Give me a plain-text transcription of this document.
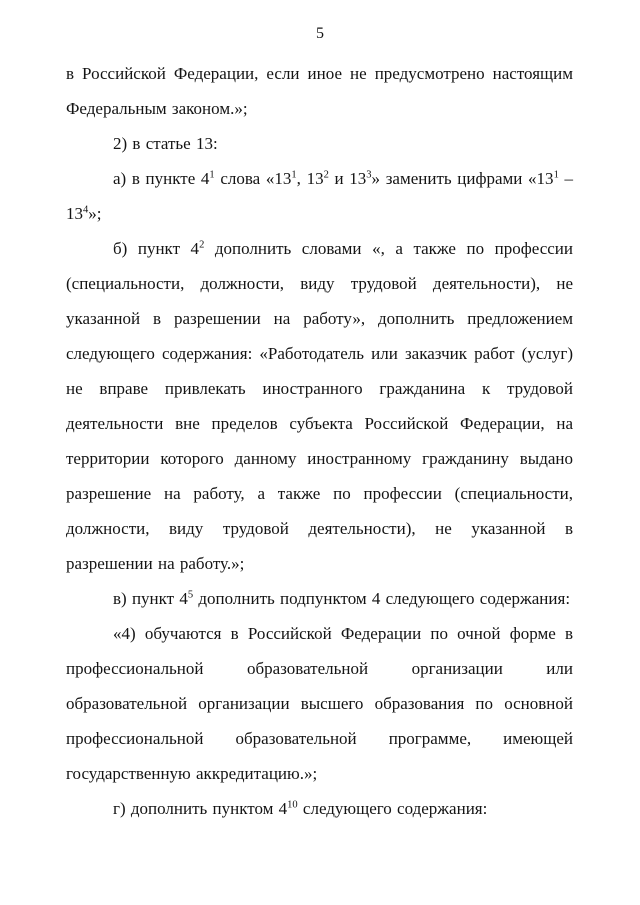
5

в Российской Федерации, если иное не предусмотрено настоящим Федеральным законом.»;

2) в статье 13:

а) в пункте $4^1$ слова «$13^1$, $13^2$ и $13^3$» заменить цифрами «$13^1 - 13^4$»;

б) пункт $4^2$ дополнить словами «, а также по профессии (специальности, должности, виду трудовой деятельности), не указанной в разрешении на работу», дополнить предложением следующего содержания: «Работодатель или заказчик работ (услуг) не вправе привлекать иностранного гражданина к трудовой деятельности вне пределов субъекта Российской Федерации, на территории которого данному иностранному гражданину выдано разрешение на работу, а также по профессии (специальности, должности, виду трудовой деятельности), не указанной в разрешении на работу.»;

в) пункт $4^5$ дополнить подпунктом 4 следующего содержания:

«4) обучаются в Российской Федерации по очной форме в профессиональной образовательной организации или образовательной организации высшего образования по основной профессиональной образовательной программе, имеющей государственную аккредитацию.»;

г) дополнить пунктом $4^{10}$ следующего содержания:
